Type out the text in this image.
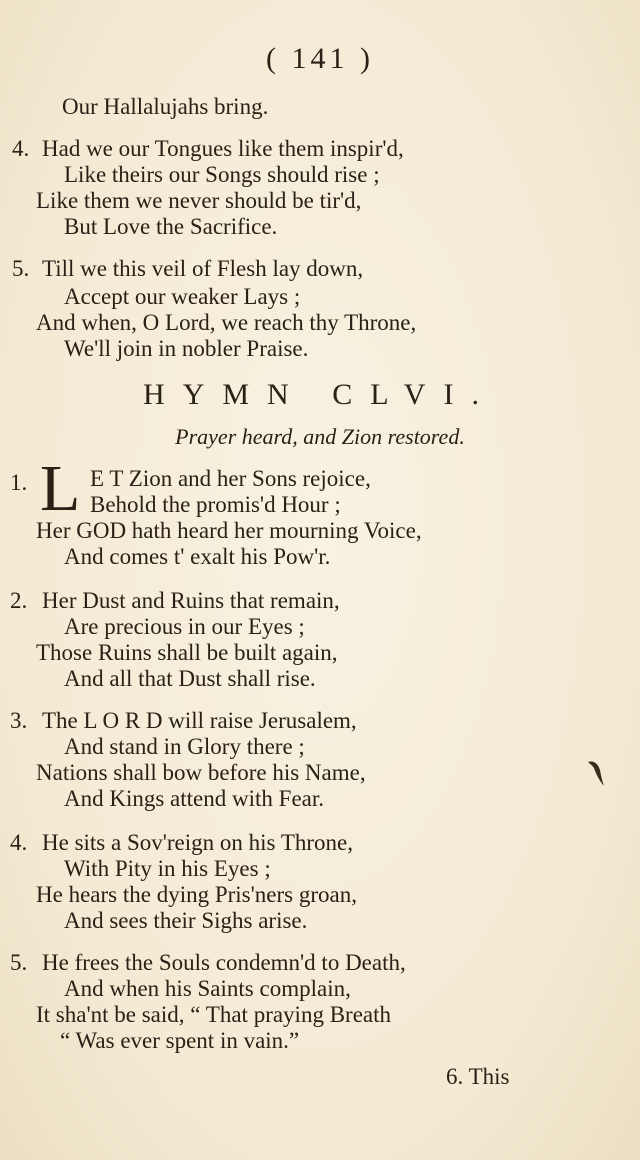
( 141 )
Our Hallalujahs bring.
4. Had we our Tongues like them inspir'd,
Like theirs our Songs should rise ;
Like them we never should be tir'd,
But Love the Sacrifice.
5. Till we this veil of Flesh lay down,
Accept our weaker Lays ;
And when, O Lord, we reach thy Throne,
We'll join in nobler Praise.
HYMN CLVI.
Prayer heard, and Zion restored.
1. L E T Zion and her Sons rejoice,
Behold the promis'd Hour ;
Her GOD hath heard her mourning Voice,
And comes t' exalt his Pow'r.
2. Her Dust and Ruins that remain,
Are precious in our Eyes ;
Those Ruins shall be built again,
And all that Dust shall rise.
3. The L O R D will raise Jerusalem,
And stand in Glory there ;
Nations shall bow before his Name,
And Kings attend with Fear.
4. He sits a Sov'reign on his Throne,
With Pity in his Eyes ;
He hears the dying Pris'ners groan,
And sees their Sighs arise.
5. He frees the Souls condemn'd to Death,
And when his Saints complain,
It sha'nt be said, “ That praying Breath
“ Was ever spent in vain.”
6. This
